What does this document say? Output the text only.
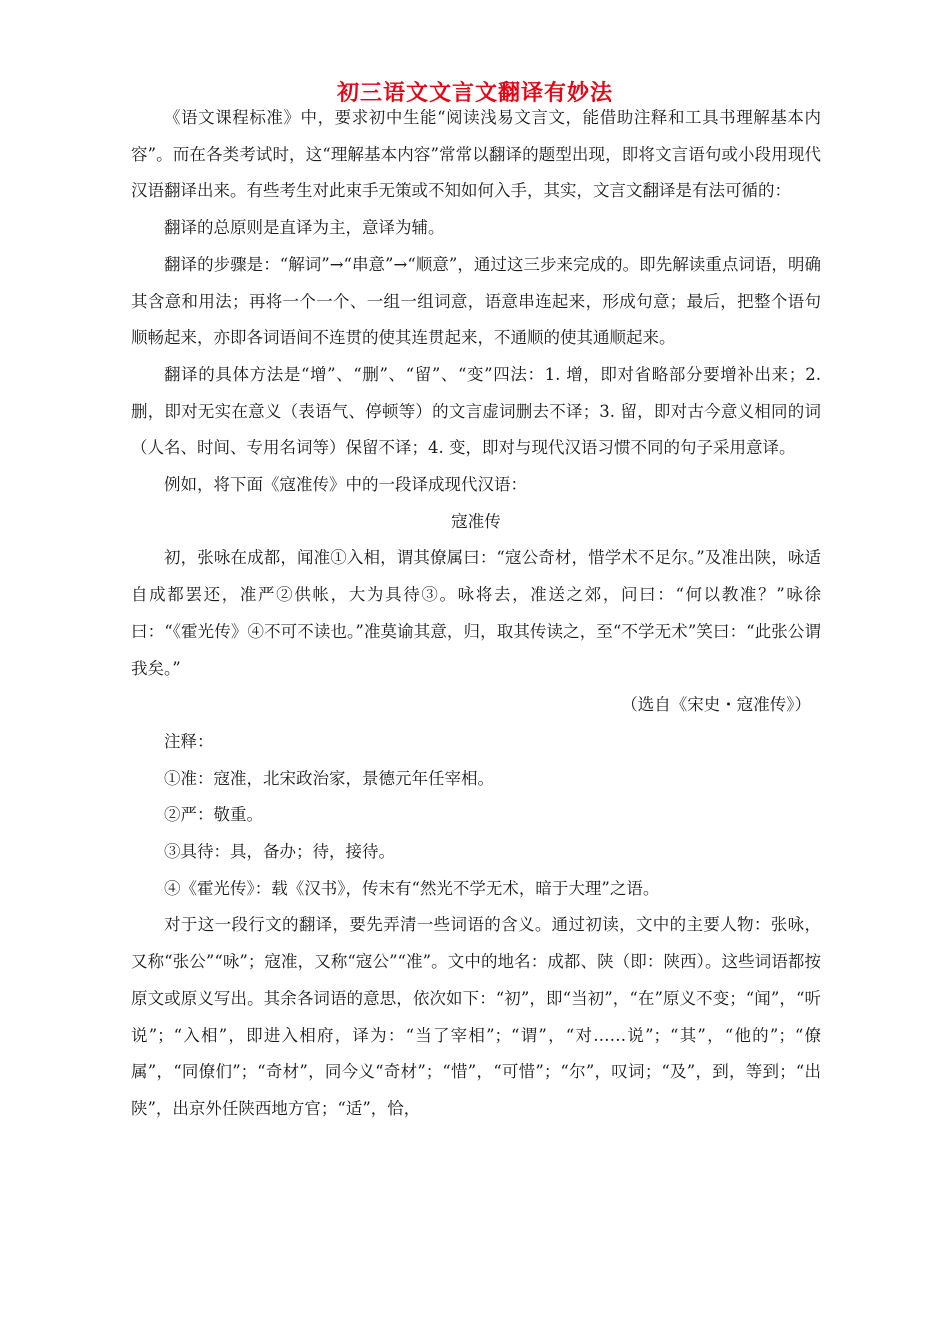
初三语文文言文翻译有妙法

《语文课程标准》中，要求初中生能“阅读浅易文言文，能借助注释和工具书理解基本内容”。而在各类考试时，这“理解基本内容”常常以翻译的题型出现，即将文言语句或小段用现代汉语翻译出来。有些考生对此束手无策或不知如何入手，其实，文言文翻译是有法可循的：

翻译的总原则是直译为主，意译为辅。

翻译的步骤是：“解词”→“串意”→“顺意”，通过这三步来完成的。即先解读重点词语，明确其含意和用法；再将一个一个、一组一组词意，语意串连起来，形成句意；最后，把整个语句顺畅起来，亦即各词语间不连贯的使其连贯起来，不通顺的使其通顺起来。

翻译的具体方法是“增”、“删”、“留”、“变”四法：1. 增，即对省略部分要增补出来；2. 删，即对无实在意义（表语气、停顿等）的文言虚词删去不译；3. 留，即对古今意义相同的词（人名、时间、专用名词等）保留不译；4. 变，即对与现代汉语习惯不同的句子采用意译。

例如，将下面《寇准传》中的一段译成现代汉语：

寇准传

初，张咏在成都，闻准①入相，谓其僚属曰：“寇公奇材，惜学术不足尔。”及准出陕，咏适自成都罢还，准严②供帐，大为具待③。咏将去，准送之郊，问曰：“何以教准？”咏徐曰：“《霍光传》④不可不读也。”准莫谕其意，归，取其传读之，至“不学无术”笑曰：“此张公谓我矣。”

（选自《宋史・寇准传》）

注释：

①准：寇准，北宋政治家，景德元年任宰相。

②严：敬重。

③具待：具，备办；待，接待。

④《霍光传》：载《汉书》，传末有“然光不学无术，暗于大理”之语。

对于这一段行文的翻译，要先弄清一些词语的含义。通过初读，文中的主要人物：张咏，又称“张公”“咏”；寇准，又称“寇公”“准”。文中的地名：成都、陕（即：陕西）。这些词语都按原文或原义写出。其余各词语的意思，依次如下：“初”，即“当初”，“在”原义不变；“闻”，“听说”；“入相”，即进入相府，译为：“当了宰相”；“谓”，“对……说”；“其”，“他的”；“僚属”，“同僚们”；“奇材”，同今义“奇材”；“惜”，“可惜”；“尔”，叹词；“及”，到，等到；“出陕”，出京外任陕西地方官；“适”，恰，
